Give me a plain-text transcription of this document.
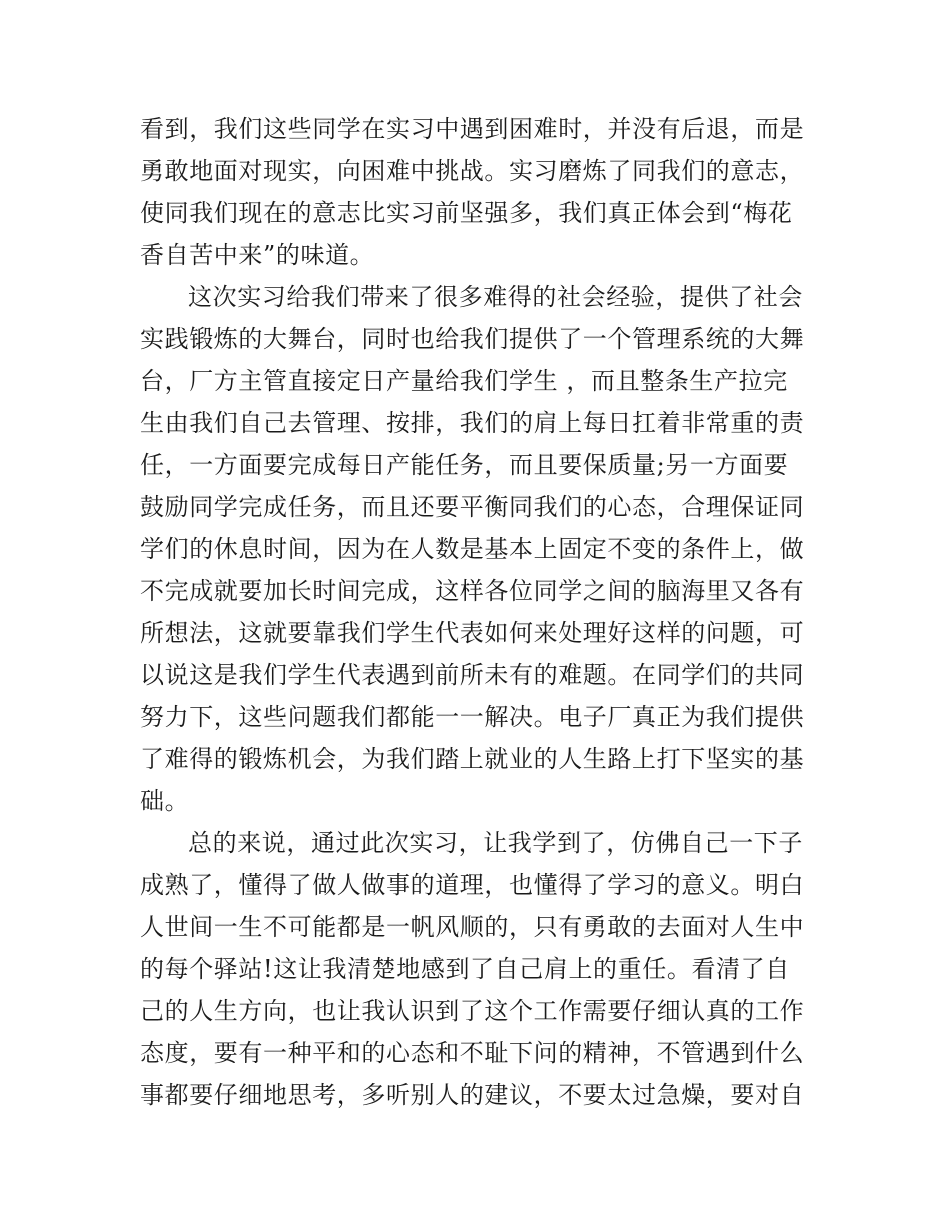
看到，我们这些同学在实习中遇到困难时，并没有后退，而是
勇敢地面对现实，向困难中挑战。实习磨炼了同我们的意志，
使同我们现在的意志比实习前坚强多，我们真正体会到“梅花
香自苦中来”的味道。
这次实习给我们带来了很多难得的社会经验，提供了社会
实践锻炼的大舞台，同时也给我们提供了一个管理系统的大舞
台，厂方主管直接定日产量给我们学生 ，而且整条生产拉完
生由我们自己去管理、按排，我们的肩上每日扛着非常重的责
任，一方面要完成每日产能任务，而且要保质量;另一方面要
鼓励同学完成任务，而且还要平衡同我们的心态，合理保证同
学们的休息时间，因为在人数是基本上固定不变的条件上，做
不完成就要加长时间完成，这样各位同学之间的脑海里又各有
所想法，这就要靠我们学生代表如何来处理好这样的问题，可
以说这是我们学生代表遇到前所未有的难题。在同学们的共同
努力下，这些问题我们都能一一解决。电子厂真正为我们提供
了难得的锻炼机会，为我们踏上就业的人生路上打下坚实的基
础。
总的来说，通过此次实习，让我学到了，仿佛自己一下子
成熟了，懂得了做人做事的道理，也懂得了学习的意义。明白
人世间一生不可能都是一帆风顺的，只有勇敢的去面对人生中
的每个驿站!这让我清楚地感到了自己肩上的重任。看清了自
己的人生方向，也让我认识到了这个工作需要仔细认真的工作
态度，要有一种平和的心态和不耻下问的精神，不管遇到什么
事都要仔细地思考，多听别人的建议，不要太过急燥，要对自
